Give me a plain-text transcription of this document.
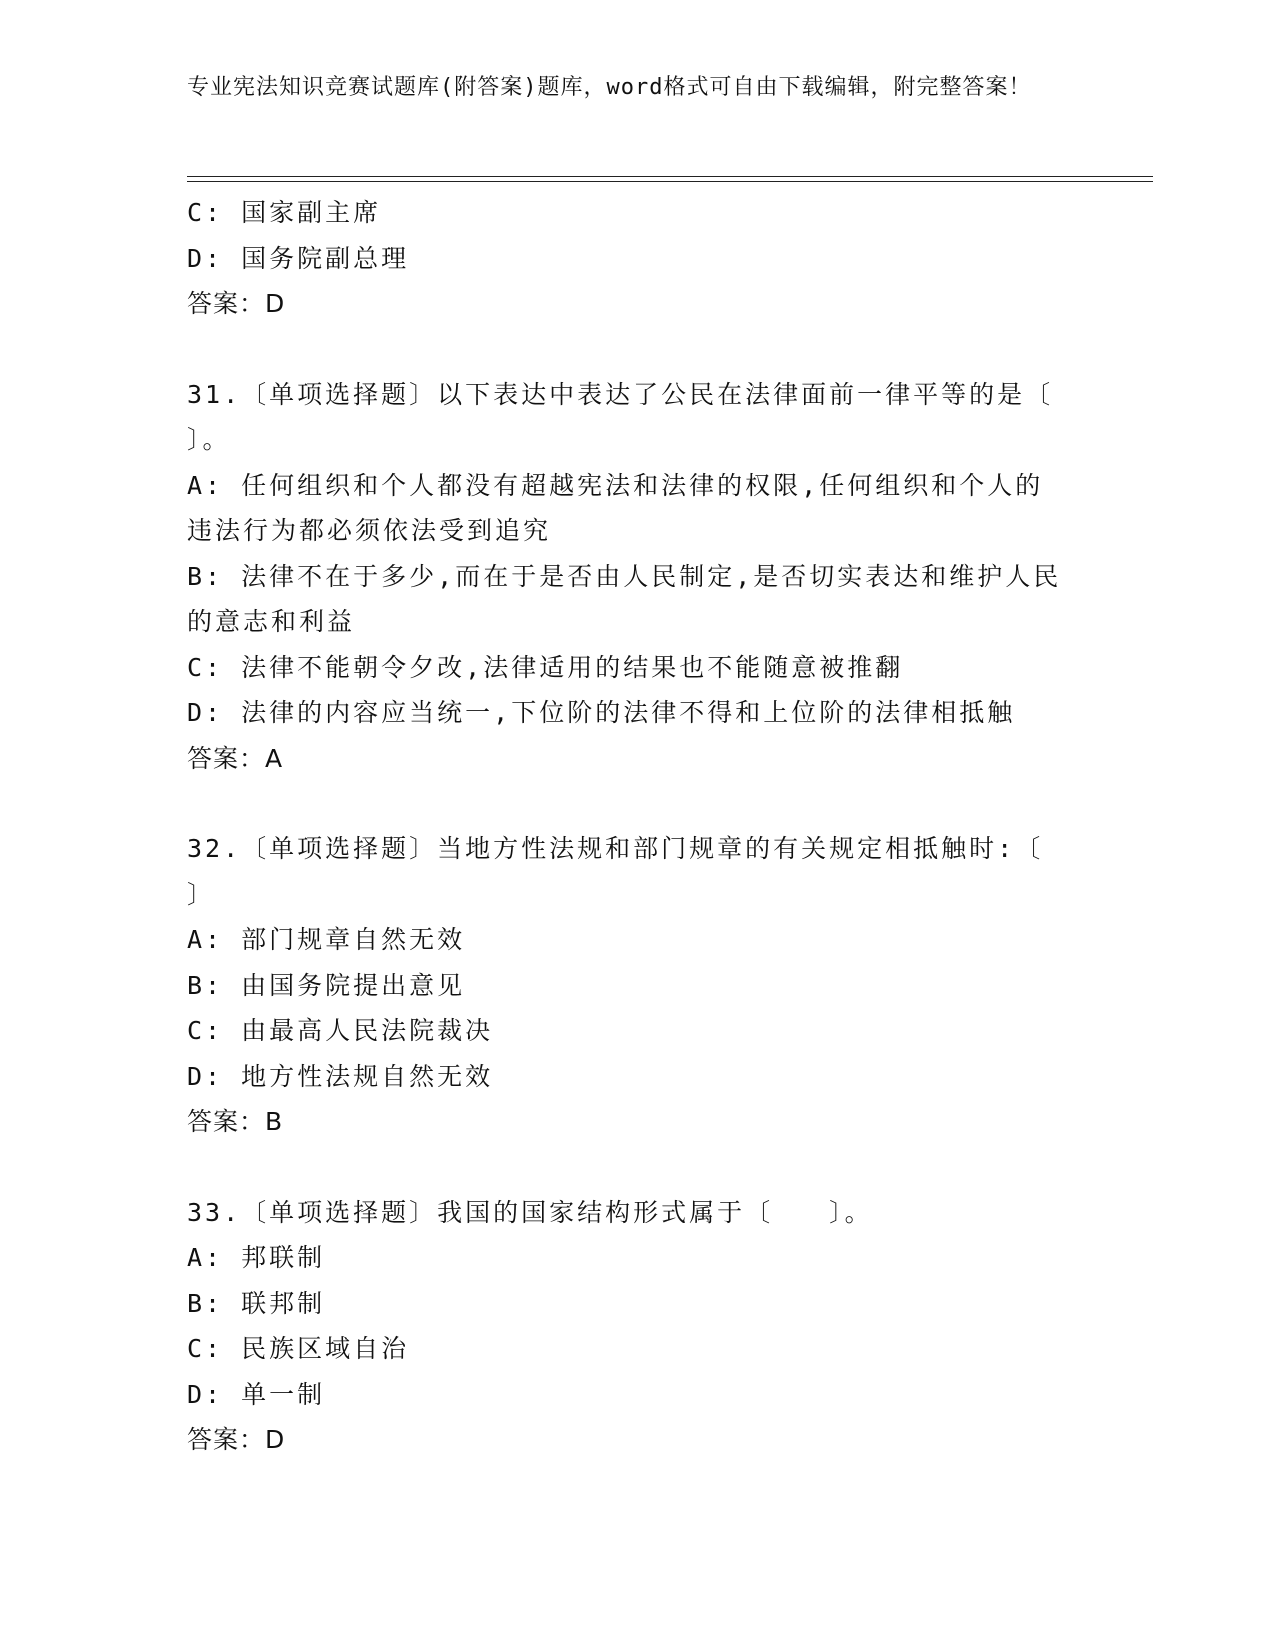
专业宪法知识竞赛试题库(附答案)题库，word格式可自由下载编辑，附完整答案！
C: 国家副主席
D: 国务院副总理
答案：D
31.〔单项选择题〕以下表达中表达了公民在法律面前一律平等的是〔 〕。
A: 任何组织和个人都没有超越宪法和法律的权限,任何组织和个人的违法行为都必须依法受到追究
B: 法律不在于多少,而在于是否由人民制定,是否切实表达和维护人民的意志和利益
C: 法律不能朝令夕改,法律适用的结果也不能随意被推翻
D: 法律的内容应当统一,下位阶的法律不得和上位阶的法律相抵触
答案：A
32.〔单项选择题〕当地方性法规和部门规章的有关规定相抵触时:〔 〕
A: 部门规章自然无效
B: 由国务院提出意见
C: 由最高人民法院裁决
D: 地方性法规自然无效
答案：B
33.〔单项选择题〕我国的国家结构形式属于〔　　〕。
A: 邦联制
B: 联邦制
C: 民族区域自治
D: 单一制
答案：D
